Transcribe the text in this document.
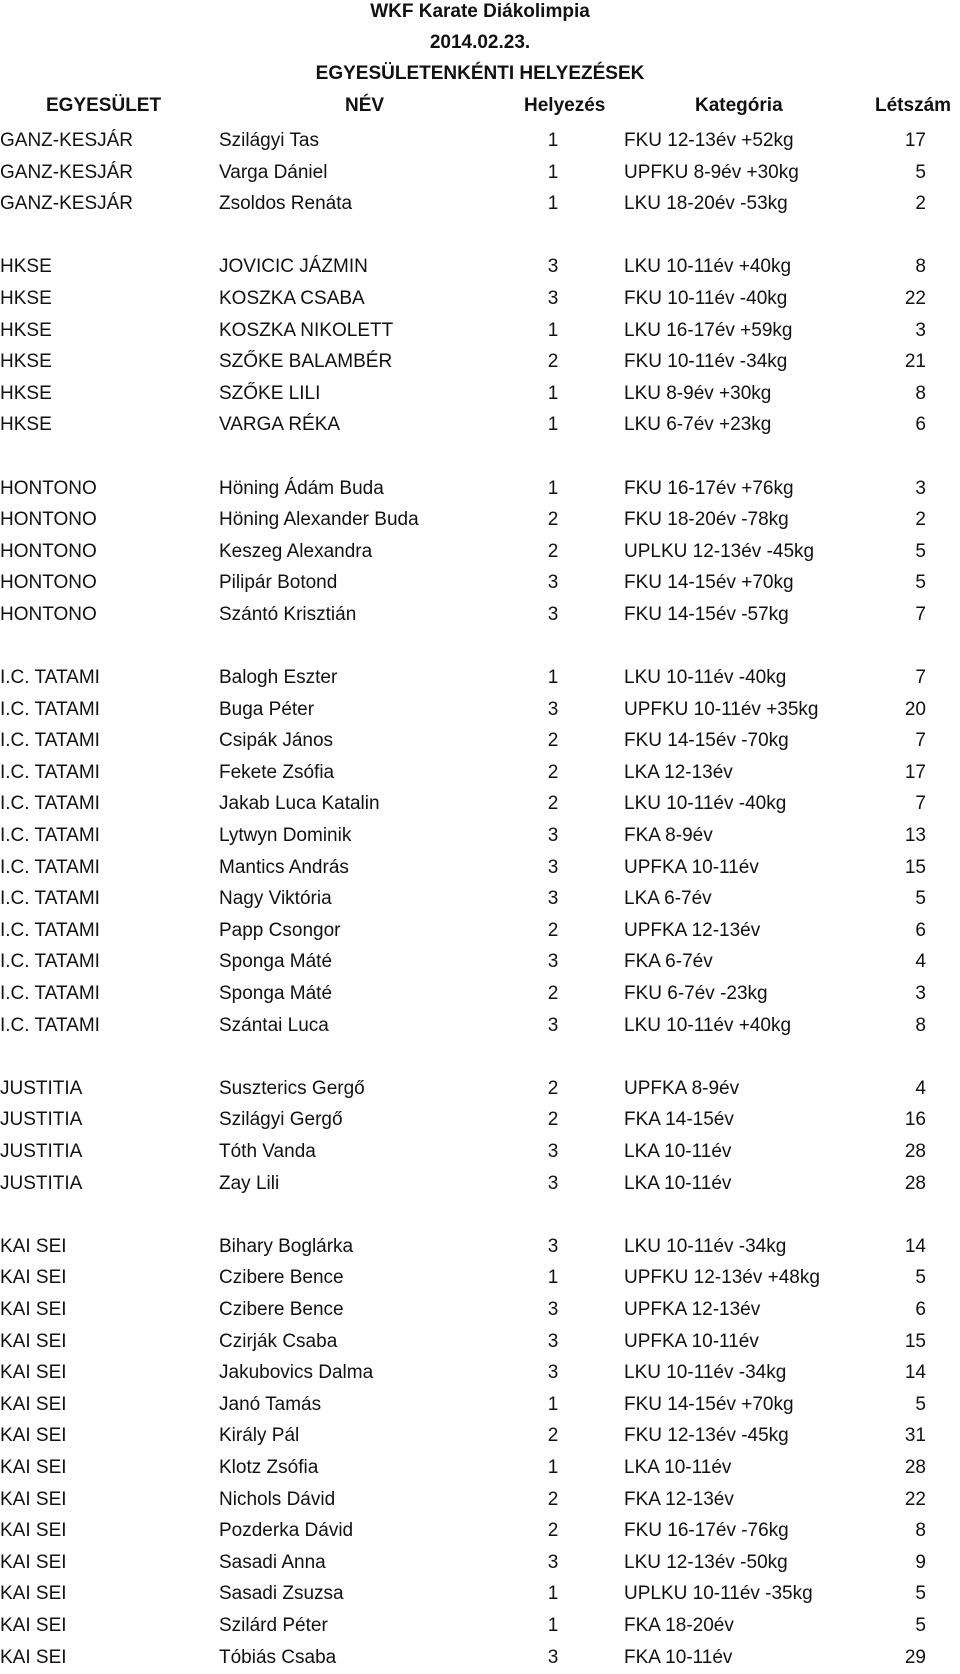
WKF Karate Diákolimpia
2014.02.23.
EGYESÜLETENKÉNTI HELYEZÉSEK
EGYESÜLET	NÉV	Helyezés	Kategória	Létszám
GANZ-KESJÁR	Szilágyi Tas	1	FKU 12-13év +52kg	17
GANZ-KESJÁR	Varga Dániel	1	UPFKU 8-9év +30kg	5
GANZ-KESJÁR	Zsoldos Renáta	1	LKU 18-20év -53kg	2
HKSE	JOVICIC JÁZMIN	3	LKU 10-11év +40kg	8
HKSE	KOSZKA CSABA	3	FKU 10-11év -40kg	22
HKSE	KOSZKA NIKOLETT	1	LKU 16-17év +59kg	3
HKSE	SZŐKE BALAMBÉR	2	FKU 10-11év -34kg	21
HKSE	SZŐKE LILI	1	LKU 8-9év +30kg	8
HKSE	VARGA RÉKA	1	LKU 6-7év +23kg	6
HONTONO	Höning Ádám Buda	1	FKU 16-17év +76kg	3
HONTONO	Höning Alexander Buda	2	FKU 18-20év -78kg	2
HONTONO	Keszeg Alexandra	2	UPLKU 12-13év -45kg	5
HONTONO	Pilipár Botond	3	FKU 14-15év +70kg	5
HONTONO	Szántó Krisztián	3	FKU 14-15év -57kg	7
I.C. TATAMI	Balogh Eszter	1	LKU 10-11év -40kg	7
I.C. TATAMI	Buga Péter	3	UPFKU 10-11év +35kg	20
I.C. TATAMI	Csipák János	2	FKU 14-15év -70kg	7
I.C. TATAMI	Fekete Zsófia	2	LKA 12-13év	17
I.C. TATAMI	Jakab Luca Katalin	2	LKU 10-11év -40kg	7
I.C. TATAMI	Lytwyn Dominik	3	FKA 8-9év	13
I.C. TATAMI	Mantics András	3	UPFKA 10-11év	15
I.C. TATAMI	Nagy Viktória	3	LKA 6-7év	5
I.C. TATAMI	Papp Csongor	2	UPFKA 12-13év	6
I.C. TATAMI	Sponga Máté	3	FKA 6-7év	4
I.C. TATAMI	Sponga Máté	2	FKU 6-7év -23kg	3
I.C. TATAMI	Szántai Luca	3	LKU 10-11év +40kg	8
JUSTITIA	Suszterics Gergő	2	UPFKA 8-9év	4
JUSTITIA	Szilágyi Gergő	2	FKA 14-15év	16
JUSTITIA	Tóth Vanda	3	LKA 10-11év	28
JUSTITIA	Zay Lili	3	LKA 10-11év	28
KAI SEI	Bihary Boglárka	3	LKU 10-11év -34kg	14
KAI SEI	Czibere Bence	1	UPFKU 12-13év +48kg	5
KAI SEI	Czibere Bence	3	UPFKA 12-13év	6
KAI SEI	Czirják Csaba	3	UPFKA 10-11év	15
KAI SEI	Jakubovics Dalma	3	LKU 10-11év -34kg	14
KAI SEI	Janó Tamás	1	FKU 14-15év +70kg	5
KAI SEI	Király Pál	2	FKU 12-13év -45kg	31
KAI SEI	Klotz Zsófia	1	LKA 10-11év	28
KAI SEI	Nichols Dávid	2	FKA 12-13év	22
KAI SEI	Pozderka Dávid	2	FKU 16-17év -76kg	8
KAI SEI	Sasadi Anna	3	LKU 12-13év -50kg	9
KAI SEI	Sasadi Zsuzsa	1	UPLKU 10-11év -35kg	5
KAI SEI	Szilárd Péter	1	FKA 18-20év	5
KAI SEI	Tóbiás Csaba	3	FKA 10-11év	29
